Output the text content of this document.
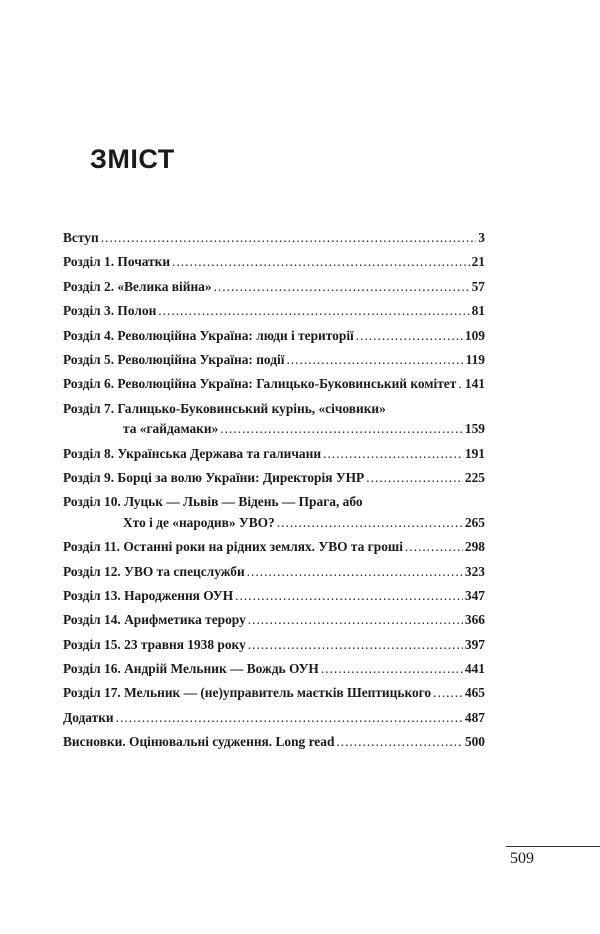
ЗМІСТ
Вступ .....	3
Розділ 1. Початки .....	21
Розділ 2. «Велика війна» .....	57
Розділ 3. Полон .....	81
Розділ 4. Революційна Україна: люди і території .....	109
Розділ 5. Революційна Україна: події .....	119
Розділ 6. Революційна Україна: Галицько-Буковинський комітет ..... 141
Розділ 7. Галицько-Буковинський курінь, «січовики»
та «гайдамаки» .....	159
Розділ 8. Українська Держава та галичани .....	191
Розділ 9. Борці за волю України: Директорія УНР .....	225
Розділ 10. Луцьк — Львів — Відень — Прага, або
Хто і де «народив» УВО? .....	265
Розділ 11. Останні роки на рідних землях. УВО та гроші .....	298
Розділ 12. УВО та спецслужби .....	323
Розділ 13. Народження ОУН .....	347
Розділ 14. Арифметика терору .....	366
Розділ 15. 23 травня 1938 року .....	397
Розділ 16. Андрій Мельник — Вождь ОУН .....	441
Розділ 17. Мельник — (не)управитель маєтків Шептицького .....	465
Додатки .....	487
Висновки. Оцінювальні судження. Long read .....	500
509
